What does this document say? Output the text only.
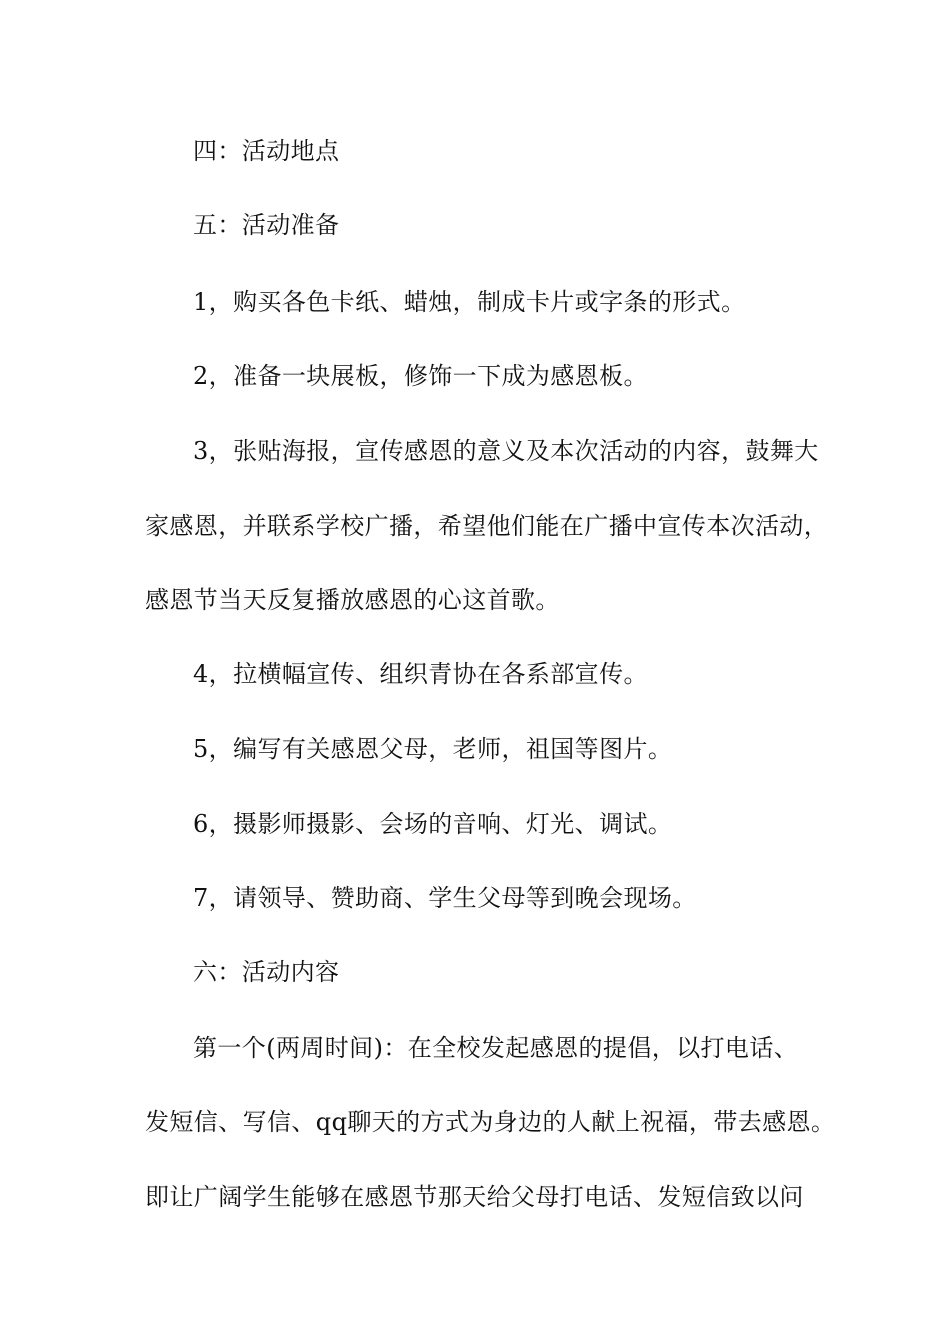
四：活动地点
五：活动准备
1，购买各色卡纸、蜡烛，制成卡片或字条的形式。
2，准备一块展板，修饰一下成为感恩板。
3，张贴海报，宣传感恩的意义及本次活动的内容，鼓舞大
家感恩，并联系学校广播，希望他们能在广播中宣传本次活动，
感恩节当天反复播放感恩的心这首歌。
4，拉横幅宣传、组织青协在各系部宣传。
5，编写有关感恩父母，老师，祖国等图片。
6，摄影师摄影、会场的音响、灯光、调试。
7，请领导、赞助商、学生父母等到晚会现场。
六：活动内容
第一个(两周时间)：在全校发起感恩的提倡，以打电话、
发短信、写信、qq聊天的方式为身边的人献上祝福，带去感恩。
即让广阔学生能够在感恩节那天给父母打电话、发短信致以问
